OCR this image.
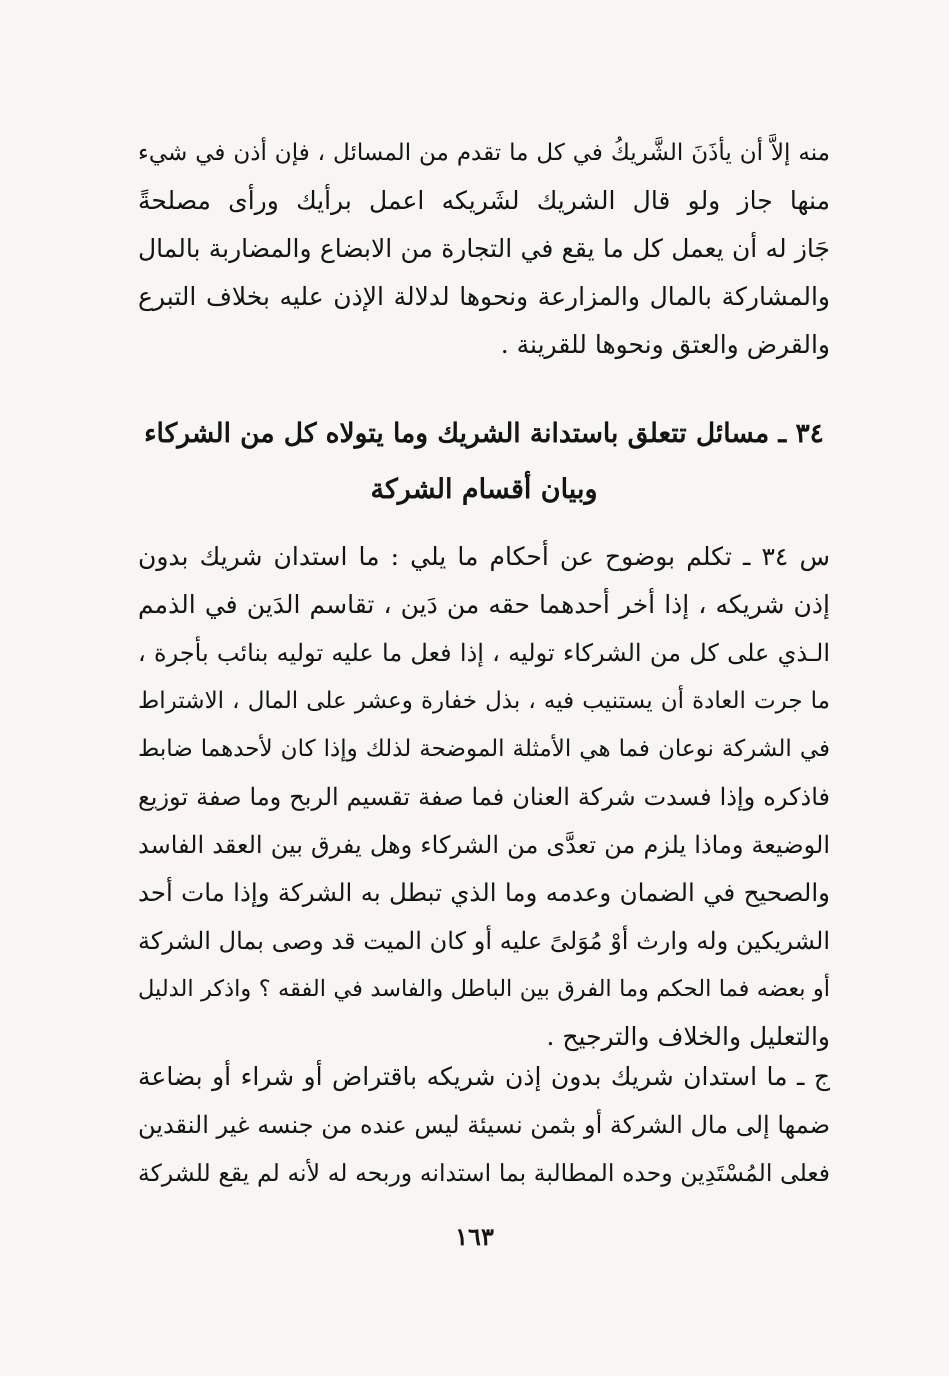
منه إلاَّ أن يأذَنَ الشَّريكُ في كل ما تقدم من المسائل ، فإن أذن في شيء
منها جاز ولو قال الشريك لشَريكه اعمل برأيك ورأى مصلحةً
جَاز له أن يعمل كل ما يقع في التجارة من الابضاع والمضاربة بالمال
والمشاركة بالمال والمزارعة ونحوها لدلالة الإذن عليه بخلاف التبرع
والقرض والعتق ونحوها للقرينة .
٣٤ ـ مسائل تتعلق باستدانة الشريك وما يتولاه كل من الشركاء
وبيان أقسام الشركة
س ٣٤ ـ تكلم بوضوح عن أحكام ما يلي : ما استدان شريك بدون
إذن شريكه ، إذا أخر أحدهما حقه من دَين ، تقاسم الدَين في الذمم
الـذي على كل من الشركاء توليه ، إذا فعل ما عليه توليه بنائب بأجرة ،
ما جرت العادة أن يستنيب فيه ، بذل خفارة وعشر على المال ، الاشتراط
في الشركة نوعان فما هي الأمثلة الموضحة لذلك وإذا كان لأحدهما ضابط
فاذكره وإذا فسدت شركة العنان فما صفة تقسيم الربح وما صفة توزيع
الوضيعة وماذا يلزم من تعدَّى من الشركاء وهل يفرق بين العقد الفاسد
والصحيح في الضمان وعدمه وما الذي تبطل به الشركة وإذا مات أحد
الشريكين وله وارث أوْ مُوَلىً عليه أو كان الميت قد وصى بمال الشركة
أو بعضه فما الحكم وما الفرق بين الباطل والفاسد في الفقه ؟ واذكر الدليل
والتعليل والخلاف والترجيح .
ج ـ ما استدان شريك بدون إذن شريكه باقتراض أو شراء أو بضاعة
ضمها إلى مال الشركة أو بثمن نسيئة ليس عنده من جنسه غير النقدين
فعلى المُسْتَدِين وحده المطالبة بما استدانه وربحه له لأنه لم يقع للشركة
١٦٣
